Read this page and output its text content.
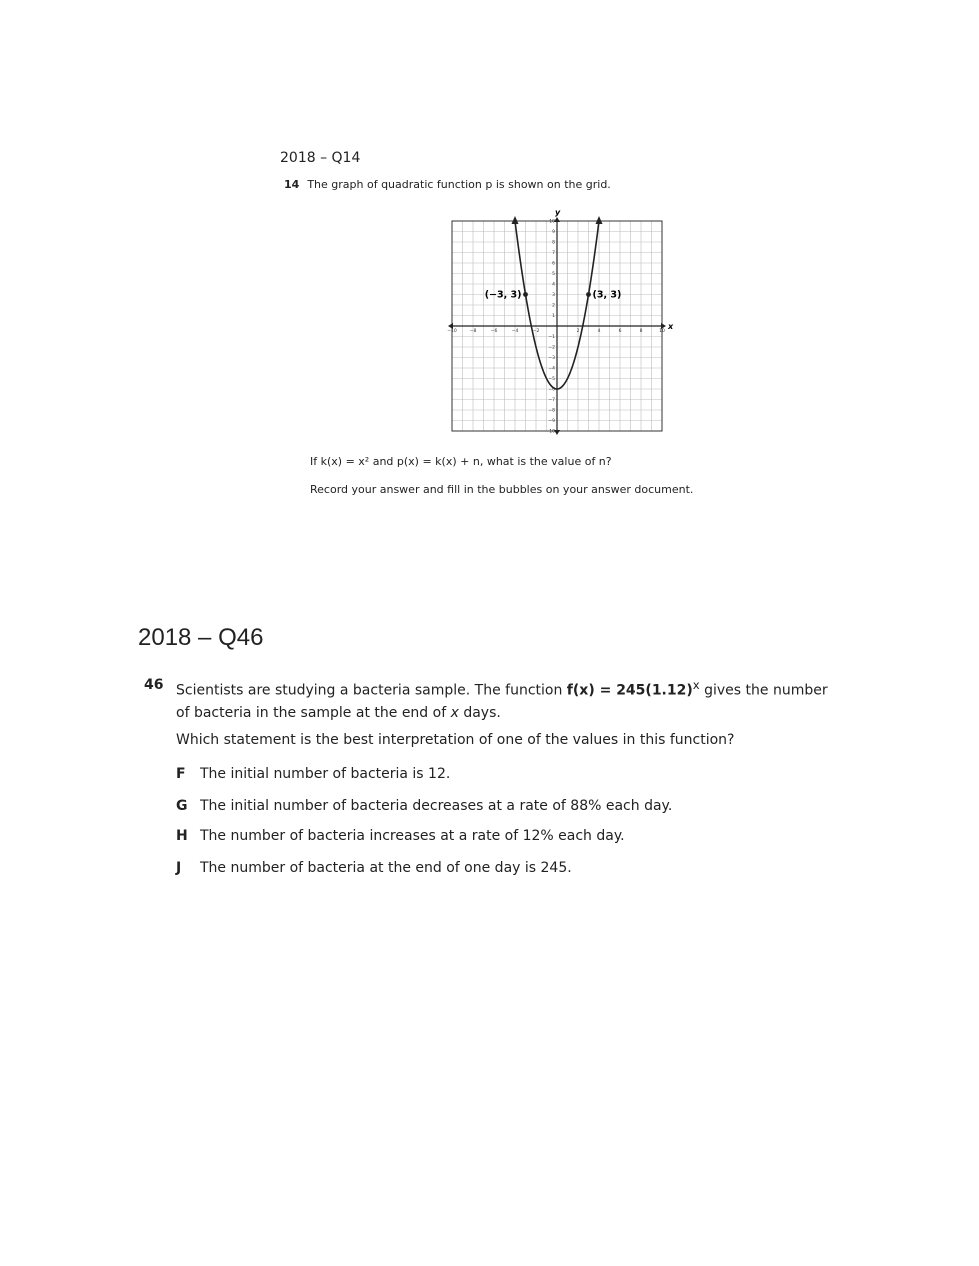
2018 – Q14
14 The graph of quadratic function p is shown on the grid.
x
y
−10	−8	−6	−4	−2	2	4	6	8	10
10
9
8
7
6
5
4
3
2
1
−1
−2
−3
−4
−5
−6
−7
−8
−9
−10
(−3, 3)	(3, 3)
If k(x) = x² and p(x) = k(x) + n, what is the value of n?
Record your answer and fill in the bubbles on your answer document.
2018 – Q46
46 Scientists are studying a bacteria sample. The function $f(x) = 245(1.12)^x$ gives the number of bacteria in the sample at the end of x days.
Which statement is the best interpretation of one of the values in this function?
F The initial number of bacteria is 12.
G The initial number of bacteria decreases at a rate of 88% each day.
H The number of bacteria increases at a rate of 12% each day.
J The number of bacteria at the end of one day is 245.
